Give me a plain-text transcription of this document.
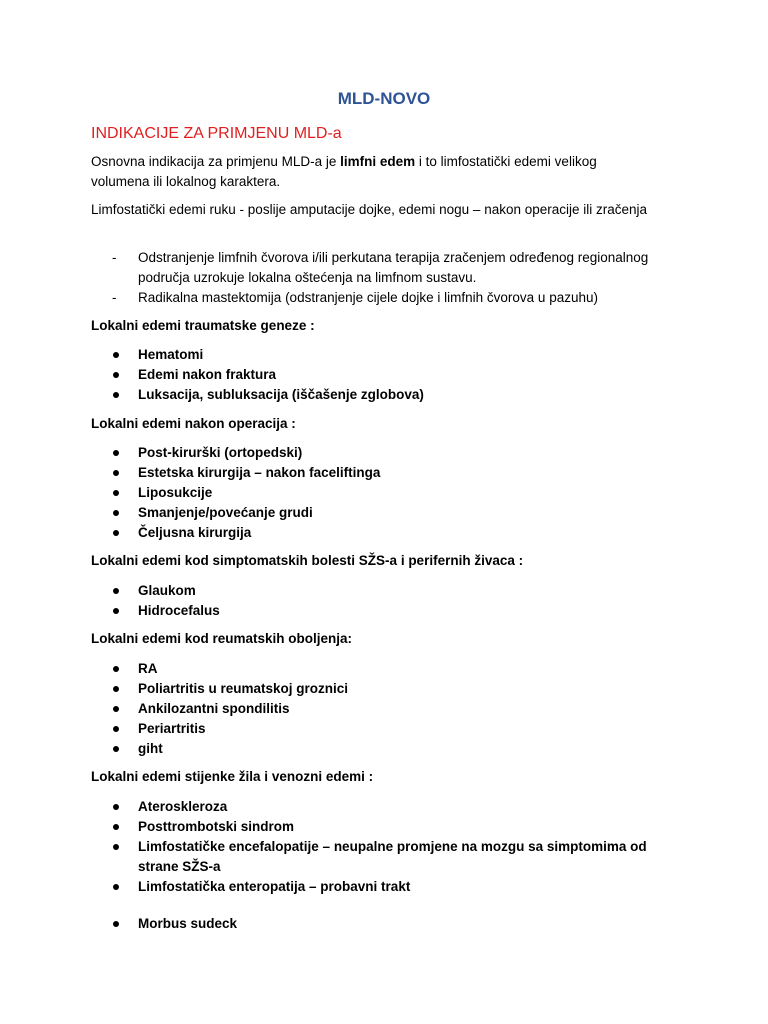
MLD-NOVO
INDIKACIJE ZA PRIMJENU MLD-a
Osnovna indikacija za primjenu MLD-a je limfni edem i to limfostatički edemi velikog volumena ili lokalnog karaktera.
Limfostatički edemi ruku - poslije amputacije dojke, edemi nogu – nakon operacije ili zračenja
- Odstranjenje limfnih čvorova i/ili perkutana terapija zračenjem određenog regionalnog područja uzrokuje lokalna oštećenja na limfnom sustavu.
- Radikalna mastektomija (odstranjenje cijele dojke i limfnih čvorova u pazuhu)
Lokalni edemi traumatske geneze :
Hematomi
Edemi nakon fraktura
Luksacija, subluksacija (iščašenje zglobova)
Lokalni edemi nakon operacija :
Post-kirurški (ortopedski)
Estetska kirurgija – nakon faceliftinga
Liposukcije
Smanjenje/povećanje grudi
Čeljusna kirurgija
Lokalni edemi kod simptomatskih bolesti SŽS-a i perifernih živaca :
Glaukom
Hidrocefalus
Lokalni edemi kod reumatskih oboljenja:
RA
Poliartritis u reumatskoj groznici
Ankilozantni spondilitis
Periartritis
giht
Lokalni edemi stijenke žila i venozni edemi :
Ateroskleroza
Posttrombotski sindrom
Limfostatičke encefalopatije – neupalne promjene na mozgu sa simptomima od strane SŽS-a
Limfostatička enteropatija – probavni trakt
Morbus sudeck
